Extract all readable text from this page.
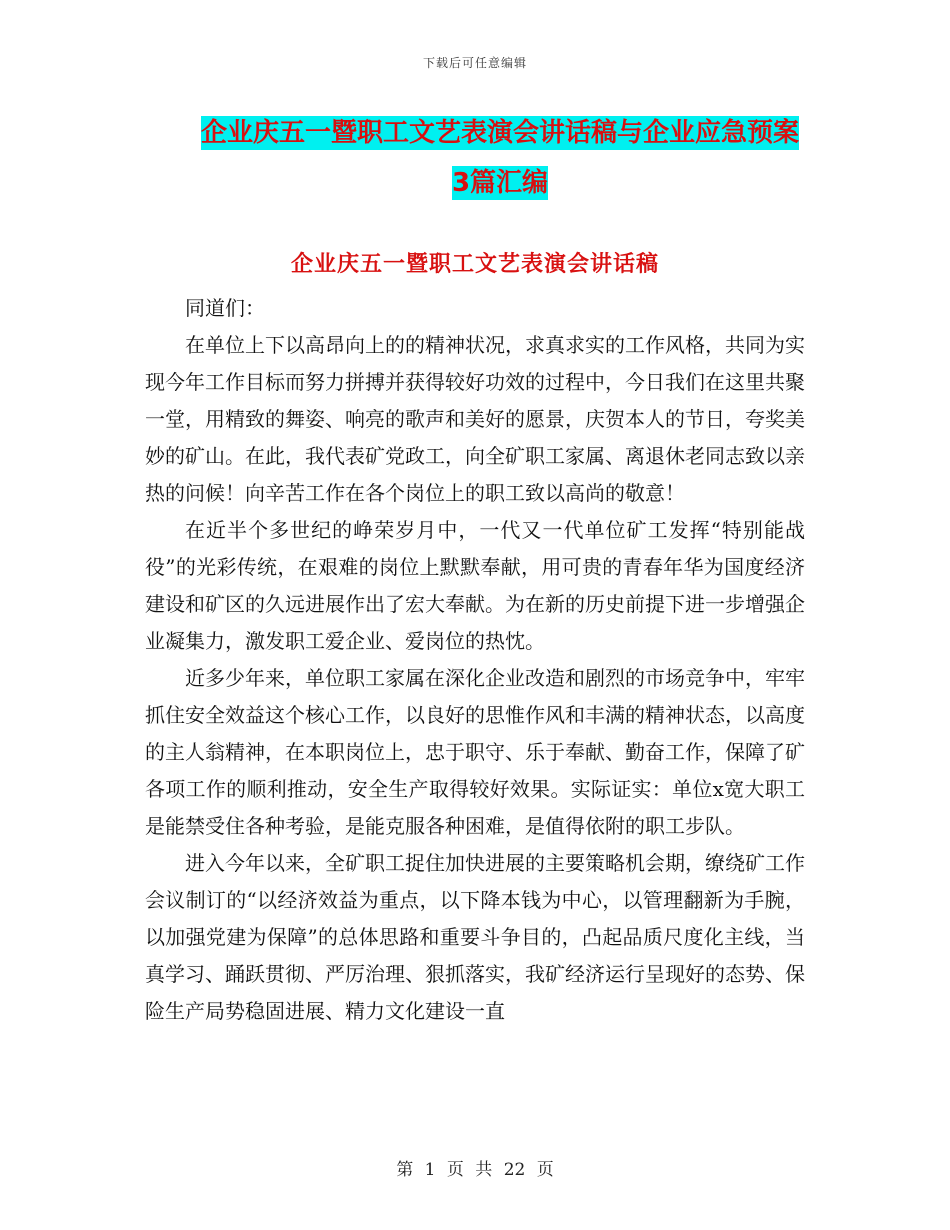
下载后可任意编辑
企业庆五一暨职工文艺表演会讲话稿与企业应急预案
3篇汇编
企业庆五一暨职工文艺表演会讲话稿

同道们：

在单位上下以高昂向上的的精神状况，求真求实的工作风格，共同为实现今年工作目标而努力拼搏并获得较好功效的过程中，今日我们在这里共聚一堂，用精致的舞姿、响亮的歌声和美好的愿景，庆贺本人的节日，夸奖美妙的矿山。在此，我代表矿党政工，向全矿职工家属、离退休老同志致以亲热的问候！向辛苦工作在各个岗位上的职工致以高尚的敬意！

在近半个多世纪的峥荣岁月中，一代又一代单位矿工发挥“特别能战役”的光彩传统，在艰难的岗位上默默奉献，用可贵的青春年华为国度经济建设和矿区的久远进展作出了宏大奉献。为在新的历史前提下进一步增强企业凝集力，激发职工爱企业、爱岗位的热忱。

近多少年来，单位职工家属在深化企业改造和剧烈的市场竞争中，牢牢抓住安全效益这个核心工作，以良好的思惟作风和丰满的精神状态，以高度的主人翁精神，在本职岗位上，忠于职守、乐于奉献、勤奋工作，保障了矿各项工作的顺利推动，安全生产取得较好效果。实际证实：单位x宽大职工是能禁受住各种考验，是能克服各种困难，是值得依附的职工步队。

进入今年以来，全矿职工捉住加快进展的主要策略机会期，缭绕矿工作会议制订的“以经济效益为重点，以下降本钱为中心，以管理翻新为手腕，以加强党建为保障”的总体思路和重要斗争目的，凸起品质尺度化主线，当真学习、踊跃贯彻、严厉治理、狠抓落实，我矿经济运行呈现好的态势、保险生产局势稳固进展、精力文化建设一直

第 1 页 共 22 页
